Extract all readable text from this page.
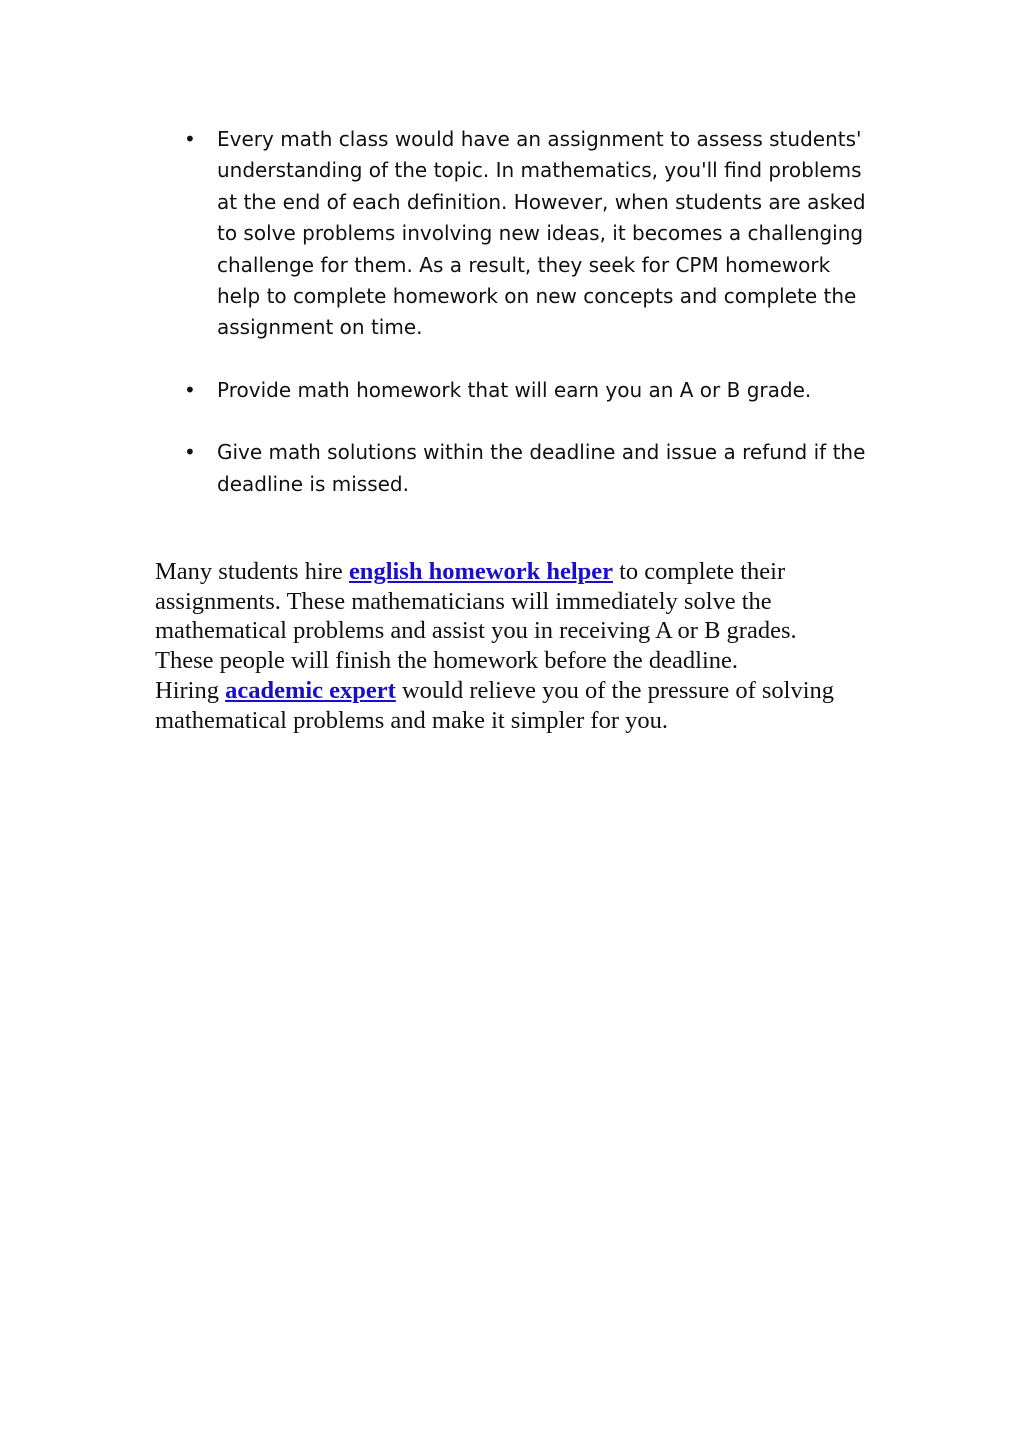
• Every math class would have an assignment to assess students' understanding of the topic. In mathematics, you'll find problems at the end of each definition. However, when students are asked to solve problems involving new ideas, it becomes a challenging challenge for them. As a result, they seek for CPM homework help to complete homework on new concepts and complete the assignment on time.
• Provide math homework that will earn you an A or B grade.
• Give math solutions within the deadline and issue a refund if the deadline is missed.

Many students hire english homework helper to complete their assignments. These mathematicians will immediately solve the mathematical problems and assist you in receiving A or B grades. These people will finish the homework before the deadline.
Hiring academic expert would relieve you of the pressure of solving mathematical problems and make it simpler for you.
